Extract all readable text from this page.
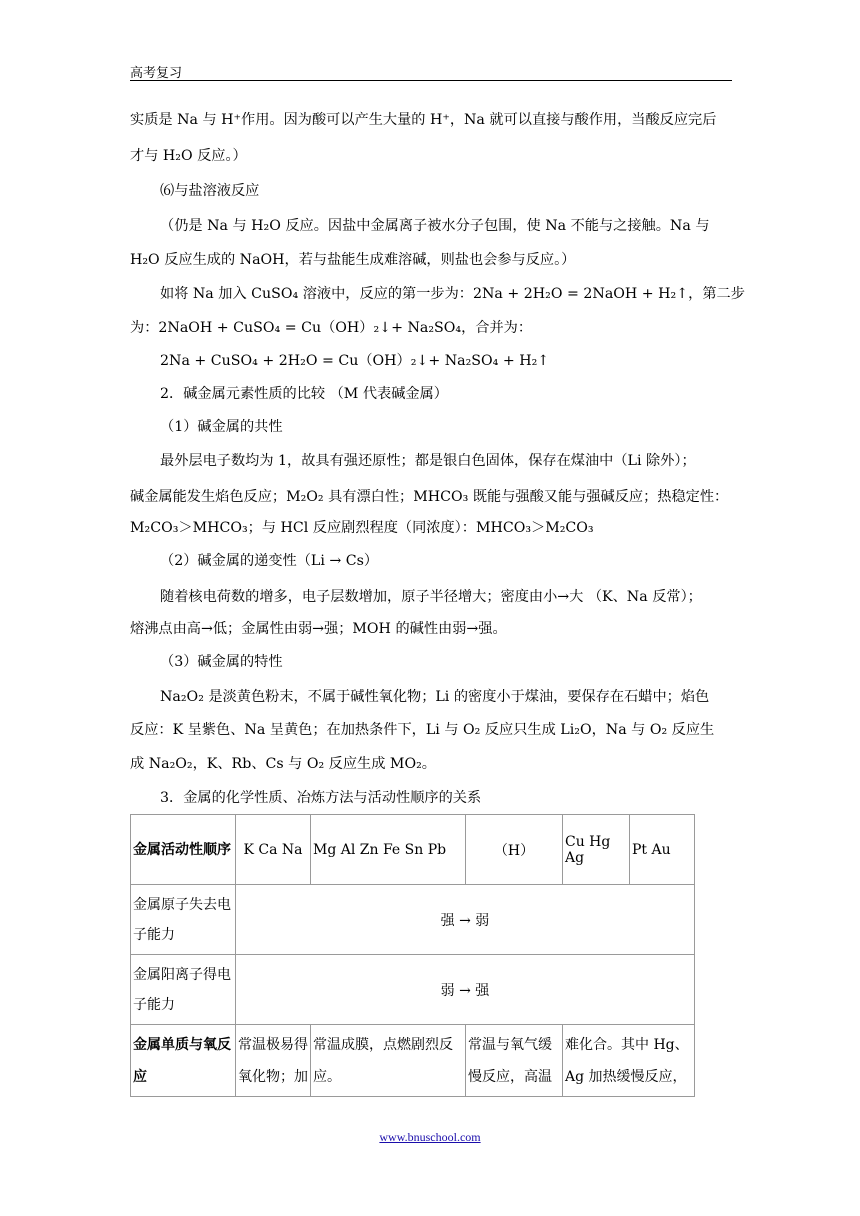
高考复习
实质是 Na 与 H⁺作用。因为酸可以产生大量的 H⁺，Na 就可以直接与酸作用，当酸反应完后
才与 H₂O 反应。）
⑹与盐溶液反应
（仍是 Na 与 H₂O 反应。因盐中金属离子被水分子包围，使 Na 不能与之接触。Na 与
H₂O 反应生成的 NaOH，若与盐能生成难溶碱，则盐也会参与反应。）
如将 Na 加入 CuSO₄ 溶液中，反应的第一步为：2Na + 2H₂O = 2NaOH + H₂↑，第二步
为：2NaOH + CuSO₄ = Cu（OH）₂↓+ Na₂SO₄，合并为：
2Na + CuSO₄ + 2H₂O = Cu（OH）₂↓+ Na₂SO₄ + H₂↑
2．碱金属元素性质的比较 （M 代表碱金属）
（1）碱金属的共性
最外层电子数均为 1，故具有强还原性；都是银白色固体，保存在煤油中（Li 除外）；
碱金属能发生焰色反应；M₂O₂ 具有漂白性；MHCO₃ 既能与强酸又能与强碱反应；热稳定性：
M₂CO₃＞MHCO₃；与 HCl 反应剧烈程度（同浓度）：MHCO₃＞M₂CO₃
（2）碱金属的递变性（Li → Cs）
随着核电荷数的增多，电子层数增加，原子半径增大；密度由小→大 （K、Na 反常）；
熔沸点由高→低；金属性由弱→强；MOH 的碱性由弱→强。
（3）碱金属的特性
Na₂O₂ 是淡黄色粉末，不属于碱性氧化物；Li 的密度小于煤油，要保存在石蜡中；焰色
反应：K 呈紫色、Na 呈黄色；在加热条件下，Li 与 O₂ 反应只生成 Li₂O，Na 与 O₂ 反应生
成 Na₂O₂，K、Rb、Cs 与 O₂ 反应生成 MO₂。
3．金属的化学性质、冶炼方法与活动性顺序的关系
金属活动性顺序	K Ca Na	Mg Al Zn Fe Sn Pb	（H）	Cu Hg Ag	Pt Au
金属原子失去电子能力	强 → 弱				
金属阳离子得电子能力	弱 → 强				
金属单质与氧反应	常温极易得氧化物；加	常温成膜，点燃剧烈反应。	常温与氧气缓慢反应，高温	难化合。其中 Hg、Ag 加热缓慢反应，	
www.bnuschool.com
